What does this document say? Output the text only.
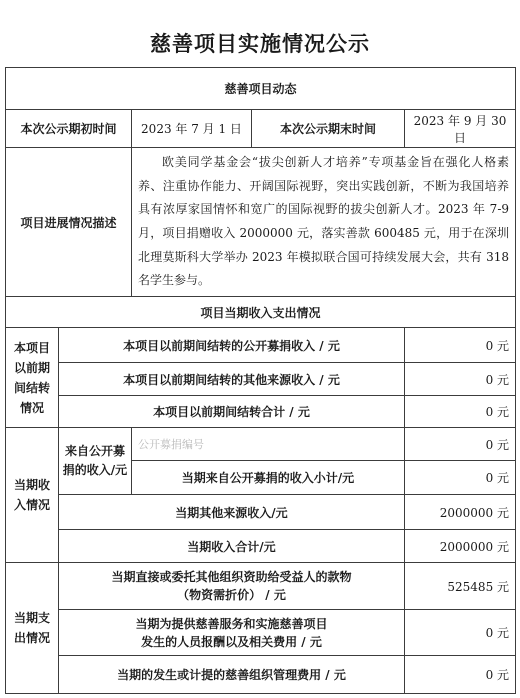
慈善项目实施情况公示
慈善项目动态			
本次公示期初时间		2023 年 7 月 1 日 本次公示期末时间	2023 年 9 月 30 日
项目进展情况描述		欧美同学基金会“拔尖创新人才培养”专项基金旨在强化人格素养、注重协作能力、开阔国际视野，突出实践创新，不断为我国培养具有浓厚家国情怀和宽广的国际视野的拔尖创新人才。2023 年 7-9 月，项目捐赠收入 2000000 元，落实善款 600485 元，用于在深圳北理莫斯科大学举办 2023 年模拟联合国可持续发展大会，共有 318 名学生参与。	
项目当期收入支出情况			
本项目以前期间结转情况	本项目以前期间结转的公开募捐收入 / 元		0 元
	本项目以前期间结转的其他来源收入 / 元		0 元
	本项目以前期间结转合计 / 元		0 元
当期收入情况	来自公开募捐的收入/元	公开募捐编号	0 元
		当期来自公开募捐的收入小计/元	0 元
	当期其他来源收入/元		2000000 元
	当期收入合计/元		2000000 元
当期支出情况	当期直接或委托其他组织资助给受益人的款物
（物资需折价） / 元		525485 元

	当期为提供慈善服务和实施慈善项目
发生的人员报酬以及相关费用 / 元		0 元
	当期的发生或计提的慈善组织管理费用 / 元		0 元
